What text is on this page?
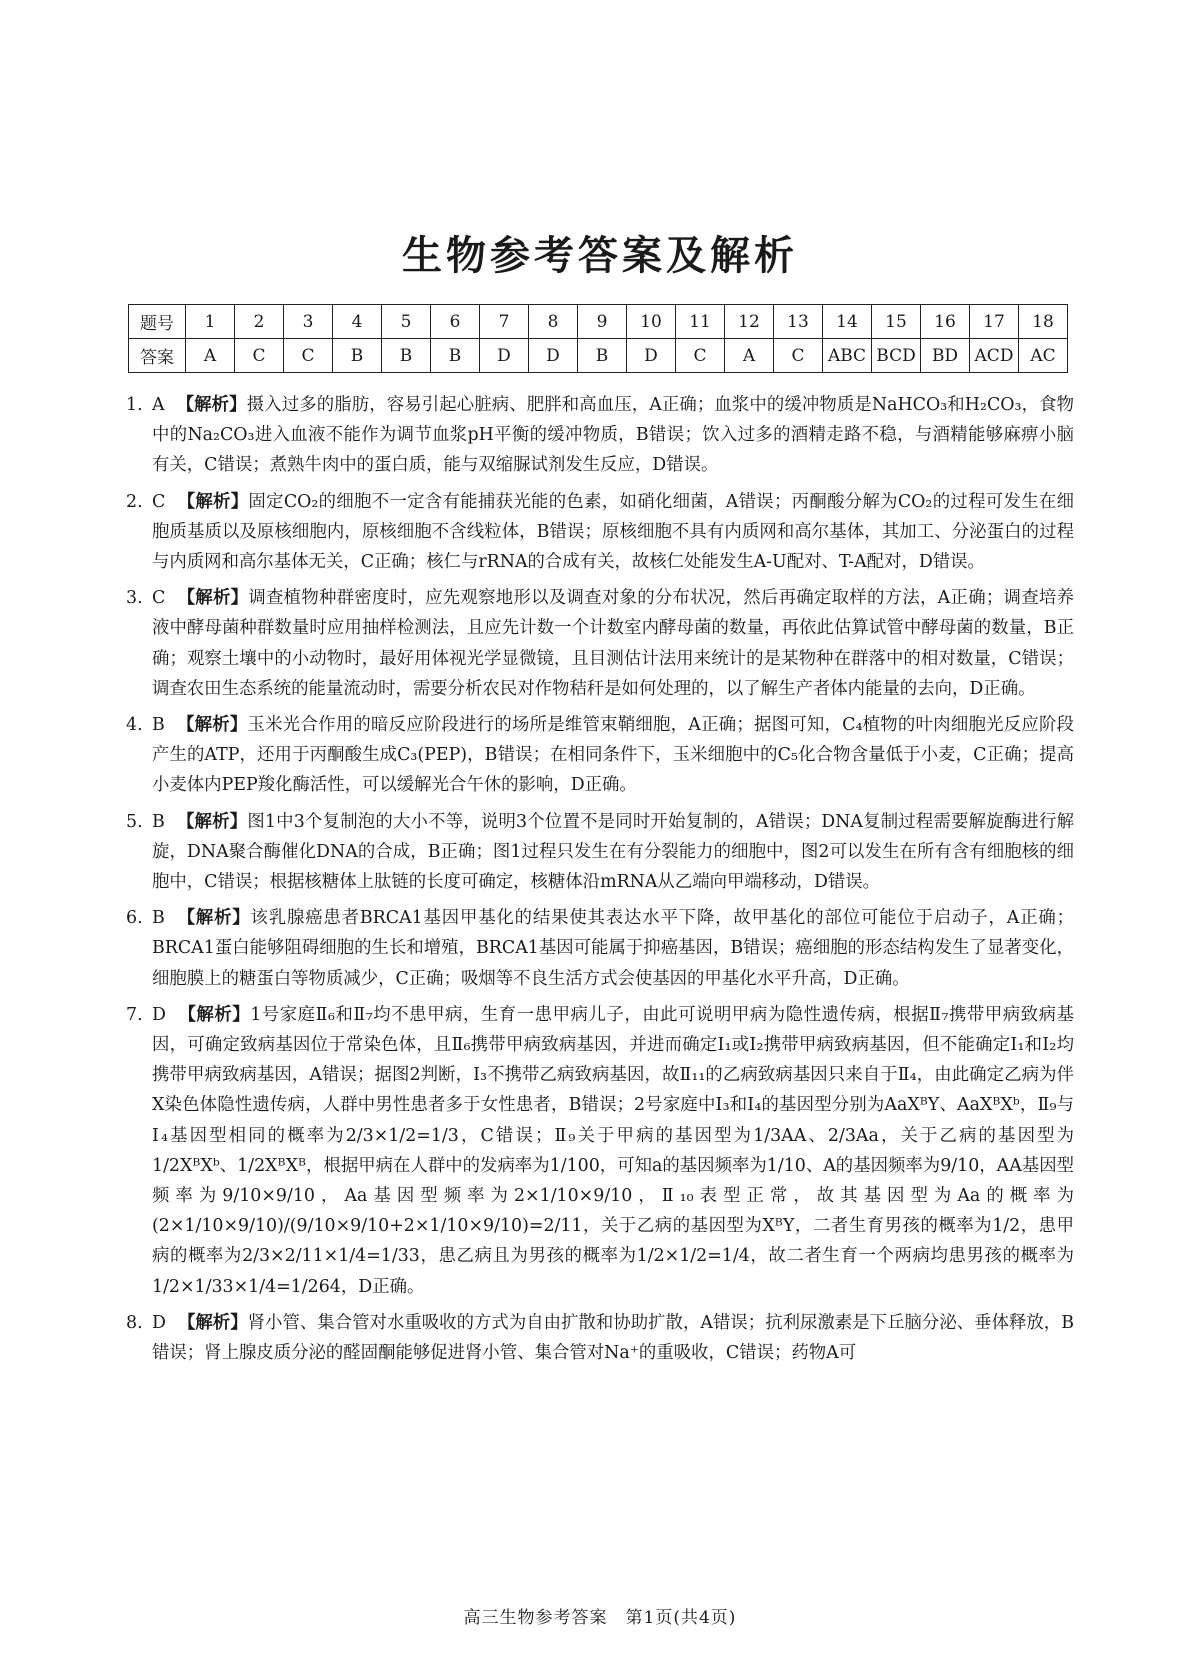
生物参考答案及解析
题号	1	2	3	4	5	6	7	8	9	10	11	12	13	14	15	16	17	18
答案	A	C	C	B	B	B	D	D	B	D	C	A	C	ABC	BCD	BD	ACD	AC

1. A 【解析】摄入过多的脂肪，容易引起心脏病、肥胖和高血压，A正确；血浆中的缓冲物质是NaHCO₃和H₂CO₃，食物中的Na₂CO₃进入血液不能作为调节血浆pH平衡的缓冲物质，B错误；饮入过多的酒精走路不稳，与酒精能够麻痹小脑有关，C错误；煮熟牛肉中的蛋白质，能与双缩脲试剂发生反应，D错误。

2. C 【解析】固定CO₂的细胞不一定含有能捕获光能的色素，如硝化细菌，A错误；丙酮酸分解为CO₂的过程可发生在细胞质基质以及原核细胞内，原核细胞不含线粒体，B错误；原核细胞不具有内质网和高尔基体，其加工、分泌蛋白的过程与内质网和高尔基体无关，C正确；核仁与rRNA的合成有关，故核仁处能发生A-U配对、T-A配对，D错误。

3. C 【解析】调查植物种群密度时，应先观察地形以及调查对象的分布状况，然后再确定取样的方法，A正确；调查培养液中酵母菌种群数量时应用抽样检测法，且应先计数一个计数室内酵母菌的数量，再依此估算试管中酵母菌的数量，B正确；观察土壤中的小动物时，最好用体视光学显微镜，且目测估计法用来统计的是某物种在群落中的相对数量，C错误；调查农田生态系统的能量流动时，需要分析农民对作物秸秆是如何处理的，以了解生产者体内能量的去向，D正确。

4. B 【解析】玉米光合作用的暗反应阶段进行的场所是维管束鞘细胞，A正确；据图可知，C₄植物的叶肉细胞光反应阶段产生的ATP，还用于丙酮酸生成C₃(PEP)，B错误；在相同条件下，玉米细胞中的C₅化合物含量低于小麦，C正确；提高小麦体内PEP羧化酶活性，可以缓解光合午休的影响，D正确。

5. B 【解析】图1中3个复制泡的大小不等，说明3个位置不是同时开始复制的，A错误；DNA复制过程需要解旋酶进行解旋，DNA聚合酶催化DNA的合成，B正确；图1过程只发生在有分裂能力的细胞中，图2可以发生在所有含有细胞核的细胞中，C错误；根据核糖体上肽链的长度可确定，核糖体沿mRNA从乙端向甲端移动，D错误。

6. B 【解析】该乳腺癌患者BRCA1基因甲基化的结果使其表达水平下降，故甲基化的部位可能位于启动子，A正确；BRCA1蛋白能够阻碍细胞的生长和增殖，BRCA1基因可能属于抑癌基因，B错误；癌细胞的形态结构发生了显著变化，细胞膜上的糖蛋白等物质减少，C正确；吸烟等不良生活方式会使基因的甲基化水平升高，D正确。

7. D 【解析】1号家庭Ⅱ₆和Ⅱ₇均不患甲病，生育一患甲病儿子，由此可说明甲病为隐性遗传病，根据Ⅱ₇携带甲病致病基因，可确定致病基因位于常染色体，且Ⅱ₆携带甲病致病基因，并进而确定Ⅰ₁或Ⅰ₂携带甲病致病基因，但不能确定Ⅰ₁和Ⅰ₂均携带甲病致病基因，A错误；据图2判断，Ⅰ₃不携带乙病致病基因，故Ⅱ₁₁的乙病致病基因只来自于Ⅱ₄，由此确定乙病为伴X染色体隐性遗传病，人群中男性患者多于女性患者，B错误；2号家庭中Ⅰ₃和Ⅰ₄的基因型分别为AaXᴮY、AaXᴮXᵇ，Ⅱ₉与Ⅰ₄基因型相同的概率为2/3×1/2=1/3，C错误；Ⅱ₉关于甲病的基因型为1/3AA、2/3Aa，关于乙病的基因型为1/2XᴮXᵇ、1/2XᴮXᴮ，根据甲病在人群中的发病率为1/100，可知a的基因频率为1/10、A的基因频率为9/10，AA基因型频率为9/10×9/10，Aa基因型频率为2×1/10×9/10，Ⅱ₁₀表型正常，故其基因型为Aa的概率为(2×1/10×9/10)/(9/10×9/10+2×1/10×9/10)=2/11，关于乙病的基因型为XᴮY，二者生育男孩的概率为1/2，患甲病的概率为2/3×2/11×1/4=1/33，患乙病且为男孩的概率为1/2×1/2=1/4，故二者生育一个两病均患男孩的概率为1/2×1/33×1/4=1/264，D正确。

8. D 【解析】肾小管、集合管对水重吸收的方式为自由扩散和协助扩散，A错误；抗利尿激素是下丘脑分泌、垂体释放，B错误；肾上腺皮质分泌的醛固酮能够促进肾小管、集合管对Na⁺的重吸收，C错误；药物A可

高三生物参考答案　第1页(共4页)
